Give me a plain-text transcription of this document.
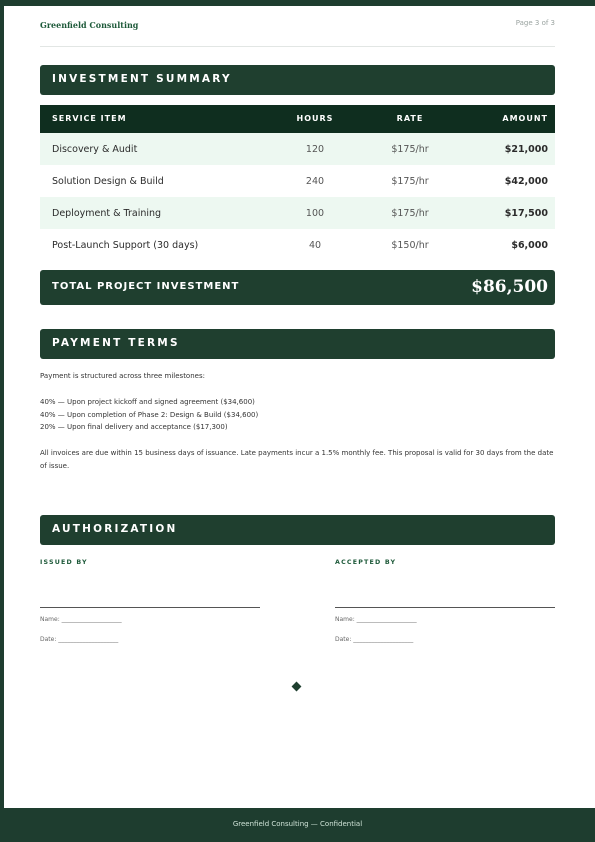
Greenfield Consulting	Page 3 of 3
INVESTMENT SUMMARY
SERVICE ITEM	HOURS	RATE	AMOUNT
Discovery & Audit	120	$175/hr	$21,000
Solution Design & Build	240	$175/hr	$42,000
Deployment & Training	100	$175/hr	$17,500
Post-Launch Support (30 days)	40	$150/hr	$6,000
TOTAL PROJECT INVESTMENT	$86,500
PAYMENT TERMS

Payment is structured across three milestones:

40% — Upon project kickoff and signed agreement ($34,600)

40% — Upon completion of Phase 2: Design & Build ($34,600)

20% — Upon final delivery and acceptance ($17,300)

All invoices are due within 15 business days of issuance. Late payments incur a 1.5% monthly fee. This proposal is valid for 30 days from the date of issue.

AUTHORIZATION
ISSUED BY
Name: ____________________
Date: ____________________
ACCEPTED BY
Name: ____________________
Date: ____________________
Greenfield Consulting — Confidential
